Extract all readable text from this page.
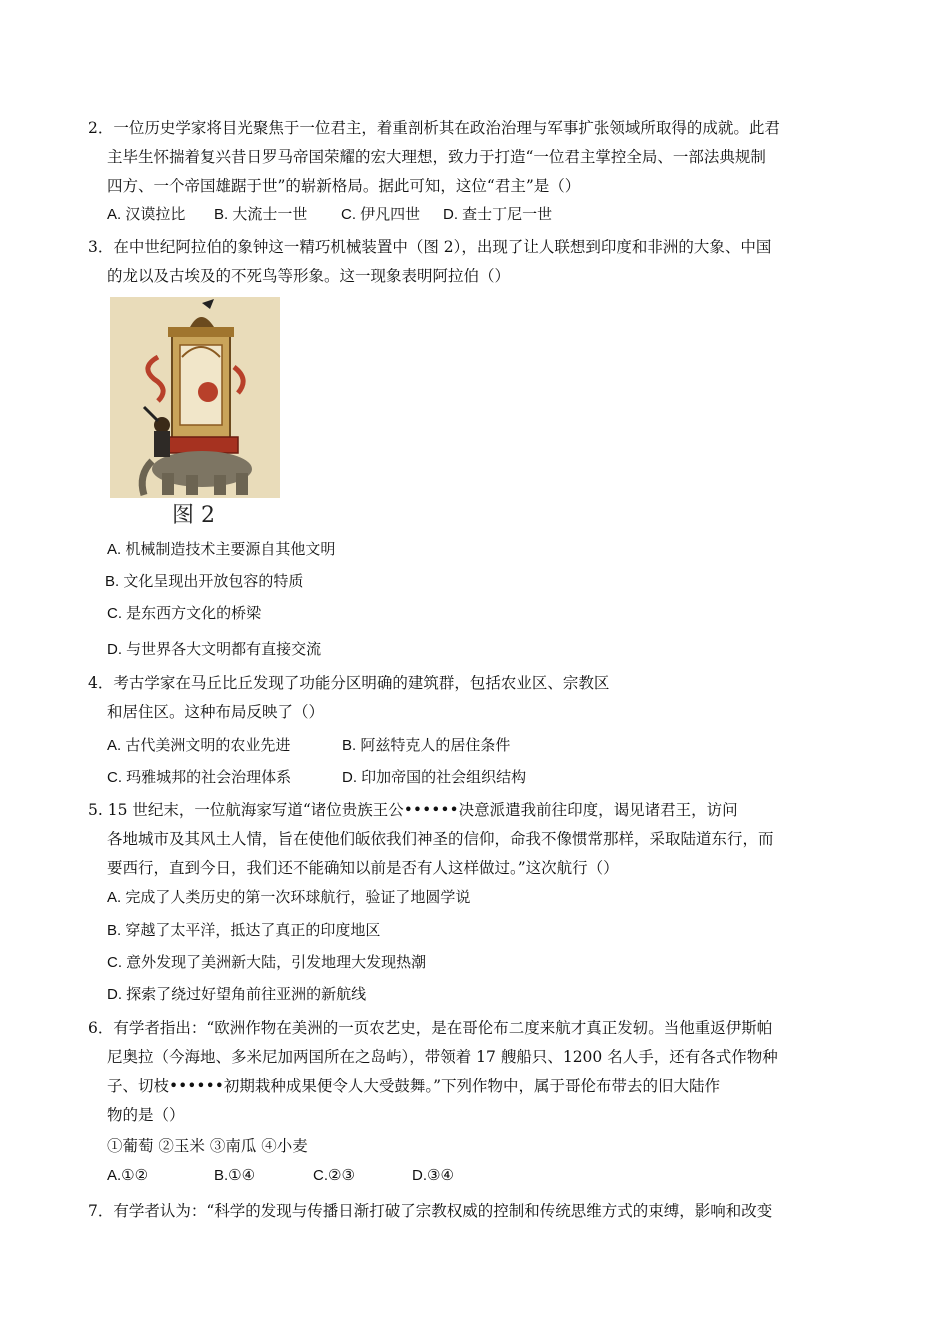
2．一位历史学家将目光聚焦于一位君主，着重剖析其在政治治理与军事扩张领域所取得的成就。此君
主毕生怀揣着复兴昔日罗马帝国荣耀的宏大理想，致力于打造“一位君主掌控全局、一部法典规制
四方、一个帝国雄踞于世”的崭新格局。据此可知，这位“君主”是（）
A. 汉谟拉比 B. 大流士一世 C. 伊凡四世 D. 查士丁尼一世
3．在中世纪阿拉伯的象钟这一精巧机械装置中（图 2），出现了让人联想到印度和非洲的大象、中国
的龙以及古埃及的不死鸟等形象。这一现象表明阿拉伯（）
图 2
A. 机械制造技术主要源自其他文明
B. 文化呈现出开放包容的特质
C. 是东西方文化的桥梁
D. 与世界各大文明都有直接交流
4．考古学家在马丘比丘发现了功能分区明确的建筑群，包括农业区、宗教区
和居住区。这种布局反映了（）
A. 古代美洲文明的农业先进	B. 阿兹特克人的居住条件
C. 玛雅城邦的社会治理体系	D. 印加帝国的社会组织结构
5. 15 世纪末，一位航海家写道“诸位贵族王公••••••决意派遣我前往印度，谒见诸君王，访问
各地城市及其风土人情，旨在使他们皈依我们神圣的信仰，命我不像惯常那样，采取陆道东行，而
要西行，直到今日，我们还不能确知以前是否有人这样做过。”这次航行（）
A. 完成了人类历史的第一次环球航行，验证了地圆学说
B. 穿越了太平洋，抵达了真正的印度地区
C. 意外发现了美洲新大陆，引发地理大发现热潮
D. 探索了绕过好望角前往亚洲的新航线
6．有学者指出：“欧洲作物在美洲的一页农艺史，是在哥伦布二度来航才真正发轫。当他重返伊斯帕
尼奥拉（今海地、多米尼加两国所在之岛屿），带领着 17 艘船只、1200 名人手，还有各式作物种
子、切枝••••••初期栽种成果便令人大受鼓舞。”下列作物中，属于哥伦布带去的旧大陆作
物的是（）
①葡萄 ②玉米 ③南瓜 ④小麦
A.①②	B.①④	C.②③	D.③④
7．有学者认为：“科学的发现与传播日渐打破了宗教权威的控制和传统思维方式的束缚，影响和改变
